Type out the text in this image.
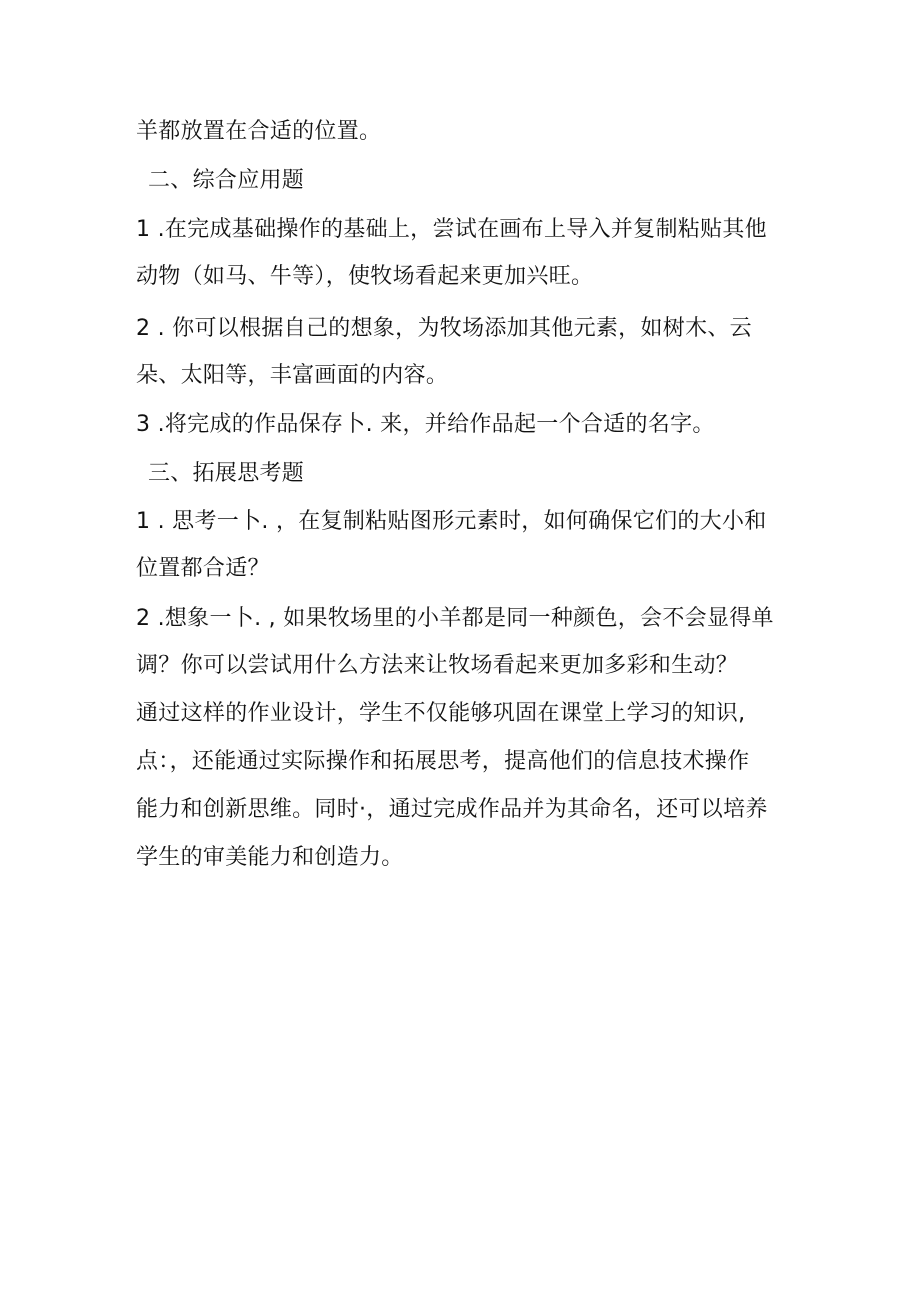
羊都放置在合适的位置。
二、综合应用题
1 .在完成基础操作的基础上，尝试在画布上导入并复制粘贴其他
动物（如马、牛等），使牧场看起来更加兴旺。
2 . 你可以根据自己的想象，为牧场添加其他元素，如树木、云
朵、太阳等，丰富画面的内容。
3 .将完成的作品保存卜. 来，并给作品起一个合适的名字。
三、拓展思考题
1 . 思考一卜. ，在复制粘贴图形元素时，如何确保它们的大小和
位置都合适？
2 .想象一卜. , 如果牧场里的小羊都是同一种颜色，会不会显得单
调？你可以尝试用什么方法来让牧场看起来更加多彩和生动？
通过这样的作业设计，学生不仅能够巩固在课堂上学习的知识,
点：，还能通过实际操作和拓展思考，提高他们的信息技术操作
能力和创新思维。同时·，通过完成作品并为其命名，还可以培养
学生的审美能力和创造力。
